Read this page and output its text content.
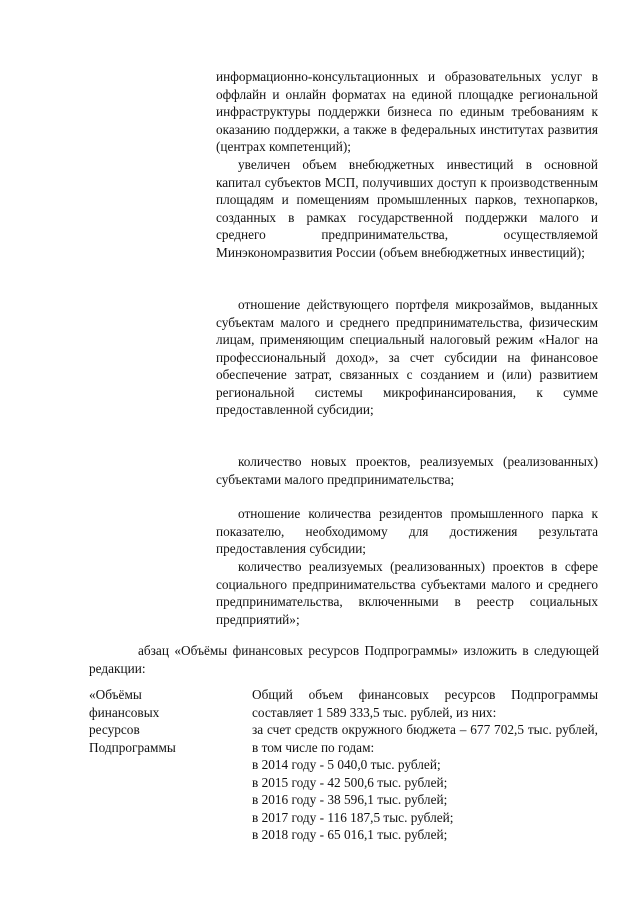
информационно-консультационных и образовательных услуг в оффлайн и онлайн форматах на единой площадке региональной инфраструктуры поддержки бизнеса по единым требованиям к оказанию поддержки, а также в федеральных институтах развития (центрах компетенций);
увеличен объем внебюджетных инвестиций в основной капитал субъектов МСП, получивших доступ к производственным площадям и помещениям промышленных парков, технопарков, созданных в рамках государственной поддержки малого и среднего предпринимательства, осуществляемой Минэкономразвития России (объем внебюджетных инвестиций);
отношение действующего портфеля микрозаймов, выданных субъектам малого и среднего предпринимательства, физическим лицам, применяющим специальный налоговый режим «Налог на профессиональный доход», за счет субсидии на финансовое обеспечение затрат, связанных с созданием и (или) развитием региональной системы микрофинансирования, к сумме предоставленной субсидии;
количество новых проектов, реализуемых (реализованных) субъектами малого предпринимательства;
отношение количества резидентов промышленного парка к показателю, необходимому для достижения результата предоставления субсидии;
количество реализуемых (реализованных) проектов в сфере социального предпринимательства субъектами малого и среднего предпринимательства, включенными в реестр социальных предприятий»;
абзац «Объёмы финансовых ресурсов Подпрограммы» изложить в следующей редакции:
«Объёмы
финансовых
ресурсов
Подпрограммы
Общий объем финансовых ресурсов Подпрограммы составляет 1 589 333,5 тыс. рублей, из них:
за счет средств окружного бюджета – 677 702,5 тыс. рублей, в том числе по годам:
в 2014 году - 5 040,0 тыс. рублей;
в 2015 году - 42 500,6 тыс. рублей;
в 2016 году - 38 596,1 тыс. рублей;
в 2017 году - 116 187,5 тыс. рублей;
в 2018 году - 65 016,1 тыс. рублей;
